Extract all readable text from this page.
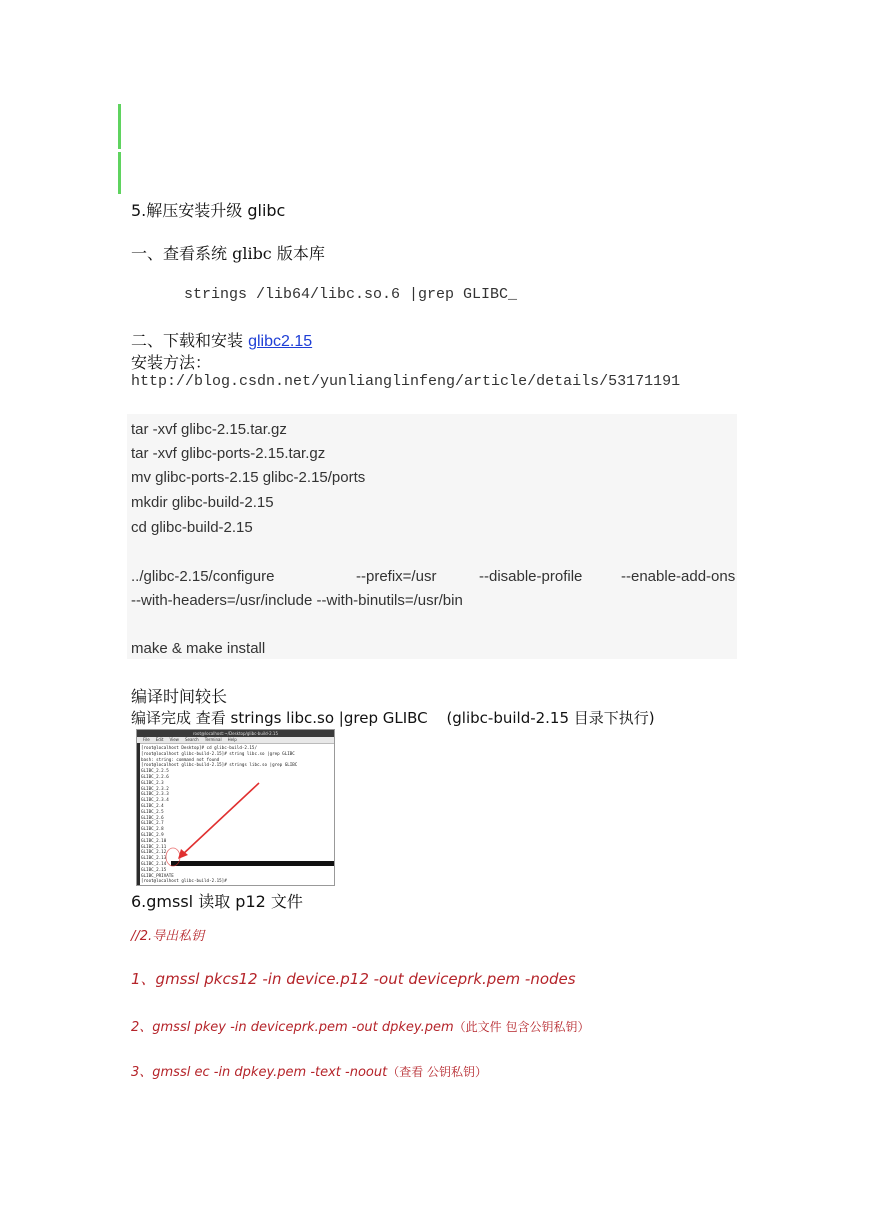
5.解压安装升级 glibc
一、查看系统 glibc 版本库
strings /lib64/libc.so.6 |grep GLIBC_
二、下载和安装 glibc2.15
安装方法：
http://blog.csdn.net/yunlianglinfeng/article/details/53171191
tar -xvf glibc-2.15.tar.gz
tar -xvf glibc-ports-2.15.tar.gz
mv glibc-ports-2.15 glibc-2.15/ports
mkdir glibc-build-2.15
cd glibc-build-2.15
../glibc-2.15/configure	--prefix=/usr	--disable-profile	--enable-add-ons
--with-headers=/usr/include --with-binutils=/usr/bin
make & make install
编译时间较长
编译完成 查看 strings libc.so |grep GLIBC (glibc-build-2.15 目录下执行)
root@localhost:~/Desktop/glibc-build-2.15
File Edit View Search Terminal Help
[root@localhost Desktop]# cd glibc-build-2.15/
[root@localhost glibc-build-2.15]# string libc.so |grep GLIBC
bash: string: command not found
[root@localhost glibc-build-2.15]# strings libc.so |grep GLIBC
GLIBC_2.2.5
GLIBC_2.2.6
GLIBC_2.3
GLIBC_2.3.2
GLIBC_2.3.3
GLIBC_2.3.4
GLIBC_2.4
GLIBC_2.5
GLIBC_2.6
GLIBC_2.7
GLIBC_2.8
GLIBC_2.9
GLIBC_2.10
GLIBC_2.11
GLIBC_2.12
GLIBC_2.13
GLIBC_2.14
GLIBC_2.15
GLIBC_PRIVATE
[root@localhost glibc-build-2.15]#
6.gmssl 读取 p12 文件
//2.导出私钥
1、gmssl pkcs12 -in device.p12 -out deviceprk.pem -nodes
2、gmssl pkey -in deviceprk.pem -out dpkey.pem（此文件 包含公钥私钥）
3、gmssl ec -in dpkey.pem -text -noout（查看 公钥私钥）
